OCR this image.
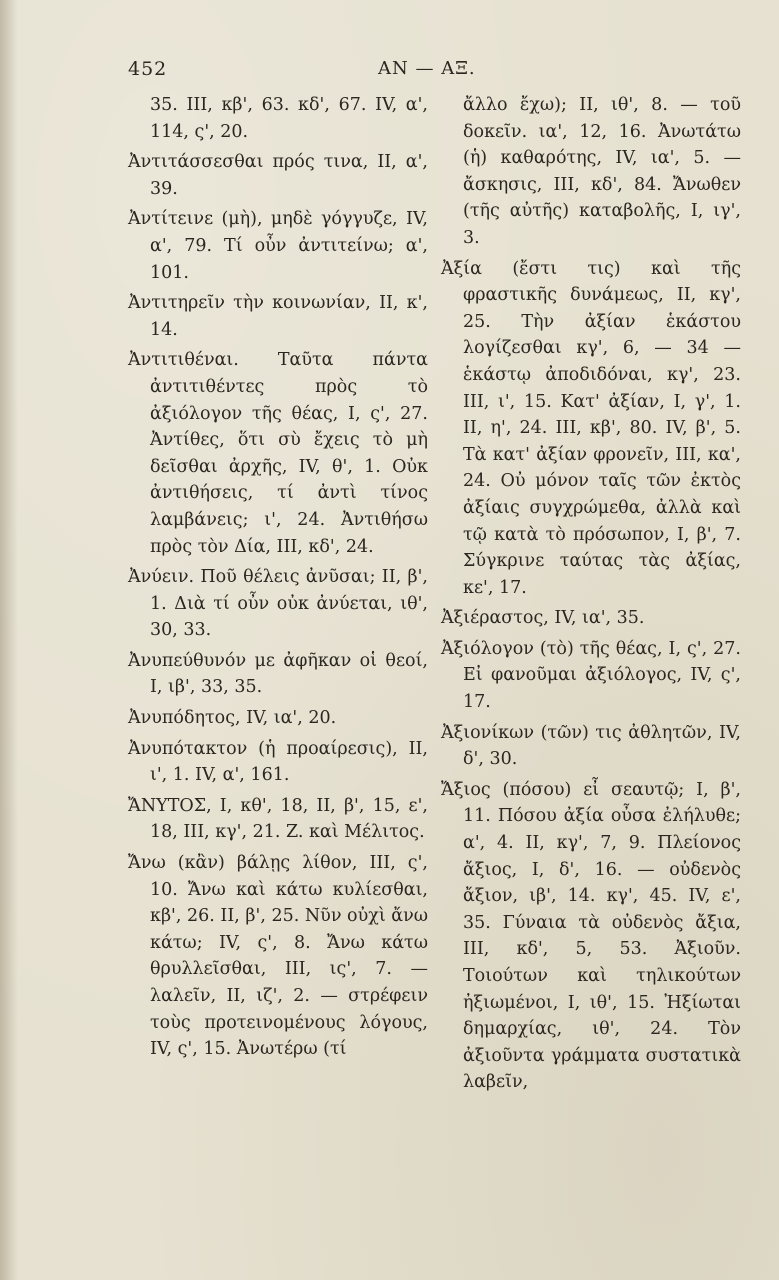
452	AN — AΞ.

35. III, κβ', 63. κδ', 67. IV, α', 114, ς', 20.

Ἀντιτάσσεσθαι πρός τινα, II, α', 39.

Ἀντίτεινε (μὴ), μηδὲ γόγγυζε, IV, α', 79. Τί οὖν ἀντιτείνω; α', 101.

Ἀντιτηρεῖν τὴν κοινωνίαν, II, κ', 14.

Ἀντιτιθέναι. Ταῦτα πάντα ἀντιτιθέντες πρὸς τὸ ἀξιόλογον τῆς θέας, I, ς', 27. Ἀντίθες, ὅτι σὺ ἔχεις τὸ μὴ δεῖσθαι ἀρχῆς, IV, θ', 1. Οὐκ ἀντιθήσεις, τί ἀντὶ τίνος λαμβάνεις; ι', 24. Ἀντιθήσω πρὸς τὸν Δία, III, κδ', 24.

Ἀνύειν. Ποῦ θέλεις ἀνῦσαι; II, β', 1. Διὰ τί οὖν οὐκ ἀνύεται, ιθ', 30, 33.

Ἀνυπεύθυνόν με ἀφῆκαν οἱ θεοί, I, ιβ', 33, 35.

Ἀνυπόδητος, IV, ια', 20.

Ἀνυπότακτον (ἡ προαίρεσις), II, ι', 1. IV, α', 161.

ἌΝΥΤΟΣ, I, κθ', 18, II, β', 15, ε', 18, III, κγ', 21. Z. καὶ Μέλιτος.

Ἄνω (κἂν) βάλῃς λίθον, III, ς', 10. Ἄνω καὶ κάτω κυλίεσθαι, κβ', 26. II, β', 25. Νῦν οὐχὶ ἄνω κάτω; IV, ς', 8. Ἄνω κάτω θρυλλεῖσθαι, III, ις', 7. — λαλεῖν, II, ιζ', 2. — στρέφειν τοὺς προτεινομένους λόγους, IV, ς', 15. Ἀνωτέρω (τί

ἄλλο ἔχω); II, ιθ', 8. — τοῦ δοκεῖν. ια', 12, 16. Ἀνωτάτω (ἡ) καθαρότης, IV, ια', 5. — ἄσκησις, III, κδ', 84. Ἄνωθεν (τῆς αὐτῆς) καταβολῆς, I, ιγ', 3.

Ἀξία (ἔστι τις) καὶ τῆς φραστικῆς δυνάμεως, II, κγ', 25. Τὴν ἀξίαν ἑκάστου λογίζεσθαι κγ', 6, — 34 — ἑκάστῳ ἀποδιδόναι, κγ', 23. III, ι', 15. Κατ' ἀξίαν, I, γ', 1. II, η', 24. III, κβ', 80. IV, β', 5. Τὰ κατ' ἀξίαν φρονεῖν, III, κα', 24. Οὐ μόνον ταῖς τῶν ἐκτὸς ἀξίαις συγχρώμεθα, ἀλλὰ καὶ τῷ κατὰ τὸ πρόσωπον, I, β', 7. Σύγκρινε ταύτας τὰς ἀξίας, κε', 17.

Ἀξιέραστος, IV, ια', 35.

Ἀξιόλογον (τὸ) τῆς θέας, I, ς', 27. Εἰ φανοῦμαι ἀξιόλογος, IV, ς', 17.

Ἀξιονίκων (τῶν) τις ἀθλητῶν, IV, δ', 30.

Ἄξιος (πόσου) εἶ σεαυτῷ; I, β', 11. Πόσου ἀξία οὖσα ἐλήλυθε; α', 4. II, κγ', 7, 9. Πλείονος ἄξιος, I, δ', 16. — οὐδενὸς ἄξιον, ιβ', 14. κγ', 45. IV, ε', 35. Γύναια τὰ οὐδενὸς ἄξια, III, κδ', 5, 53. Ἀξιοῦν. Τοιούτων καὶ τηλικούτων ἠξιωμένοι, I, ιθ', 15. Ἠξίωται δημαρχίας, ιθ', 24. Τὸν ἀξιοῦντα γράμματα συστατικὰ λαβεῖν,
